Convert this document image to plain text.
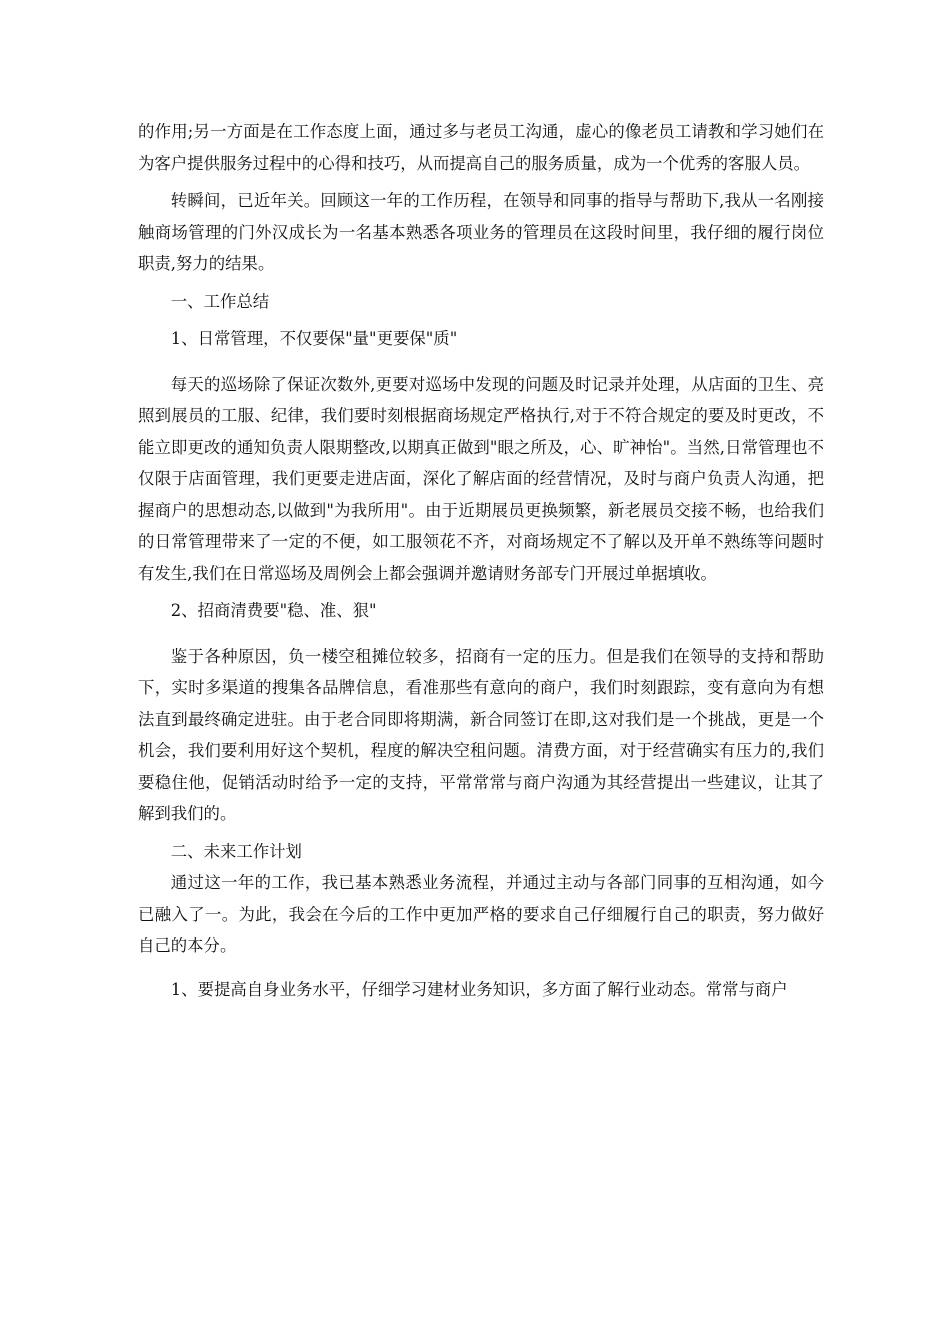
的作用;另一方面是在工作态度上面，通过多与老员工沟通，虚心的像老员工请教和学习她们在为客户提供服务过程中的心得和技巧，从而提高自己的服务质量，成为一个优秀的客服人员。

转瞬间，已近年关。回顾这一年的工作历程，在领导和同事的指导与帮助下,我从一名刚接触商场管理的门外汉成长为一名基本熟悉各项业务的管理员在这段时间里，我仔细的履行岗位职责,努力的结果。

一、工作总结

1、日常管理，不仅要保"量"更要保"质"

每天的巡场除了保证次数外,更要对巡场中发现的问题及时记录并处理，从店面的卫生、亮照到展员的工服、纪律，我们要时刻根据商场规定严格执行,对于不符合规定的要及时更改，不能立即更改的通知负责人限期整改,以期真正做到"眼之所及，心、旷神怡"。当然,日常管理也不仅限于店面管理，我们更要走进店面，深化了解店面的经营情况，及时与商户负责人沟通，把握商户的思想动态,以做到"为我所用"。由于近期展员更换频繁，新老展员交接不畅，也给我们的日常管理带来了一定的不便，如工服领花不齐，对商场规定不了解以及开单不熟练等问题时有发生,我们在日常巡场及周例会上都会强调并邀请财务部专门开展过单据填收。

2、招商清费要"稳、准、狠"

鉴于各种原因，负一楼空租摊位较多，招商有一定的压力。但是我们在领导的支持和帮助下，实时多渠道的搜集各品牌信息，看准那些有意向的商户，我们时刻跟踪，变有意向为有想法直到最终确定进驻。由于老合同即将期满，新合同签订在即,这对我们是一个挑战，更是一个机会，我们要利用好这个契机，程度的解决空租问题。清费方面，对于经营确实有压力的,我们要稳住他，促销活动时给予一定的支持，平常常常与商户沟通为其经营提出一些建议，让其了解到我们的。

二、未来工作计划

通过这一年的工作，我已基本熟悉业务流程，并通过主动与各部门同事的互相沟通，如今已融入了一。为此，我会在今后的工作中更加严格的要求自己仔细履行自己的职责，努力做好自己的本分。

1、要提高自身业务水平，仔细学习建材业务知识，多方面了解行业动态。常常与商户
